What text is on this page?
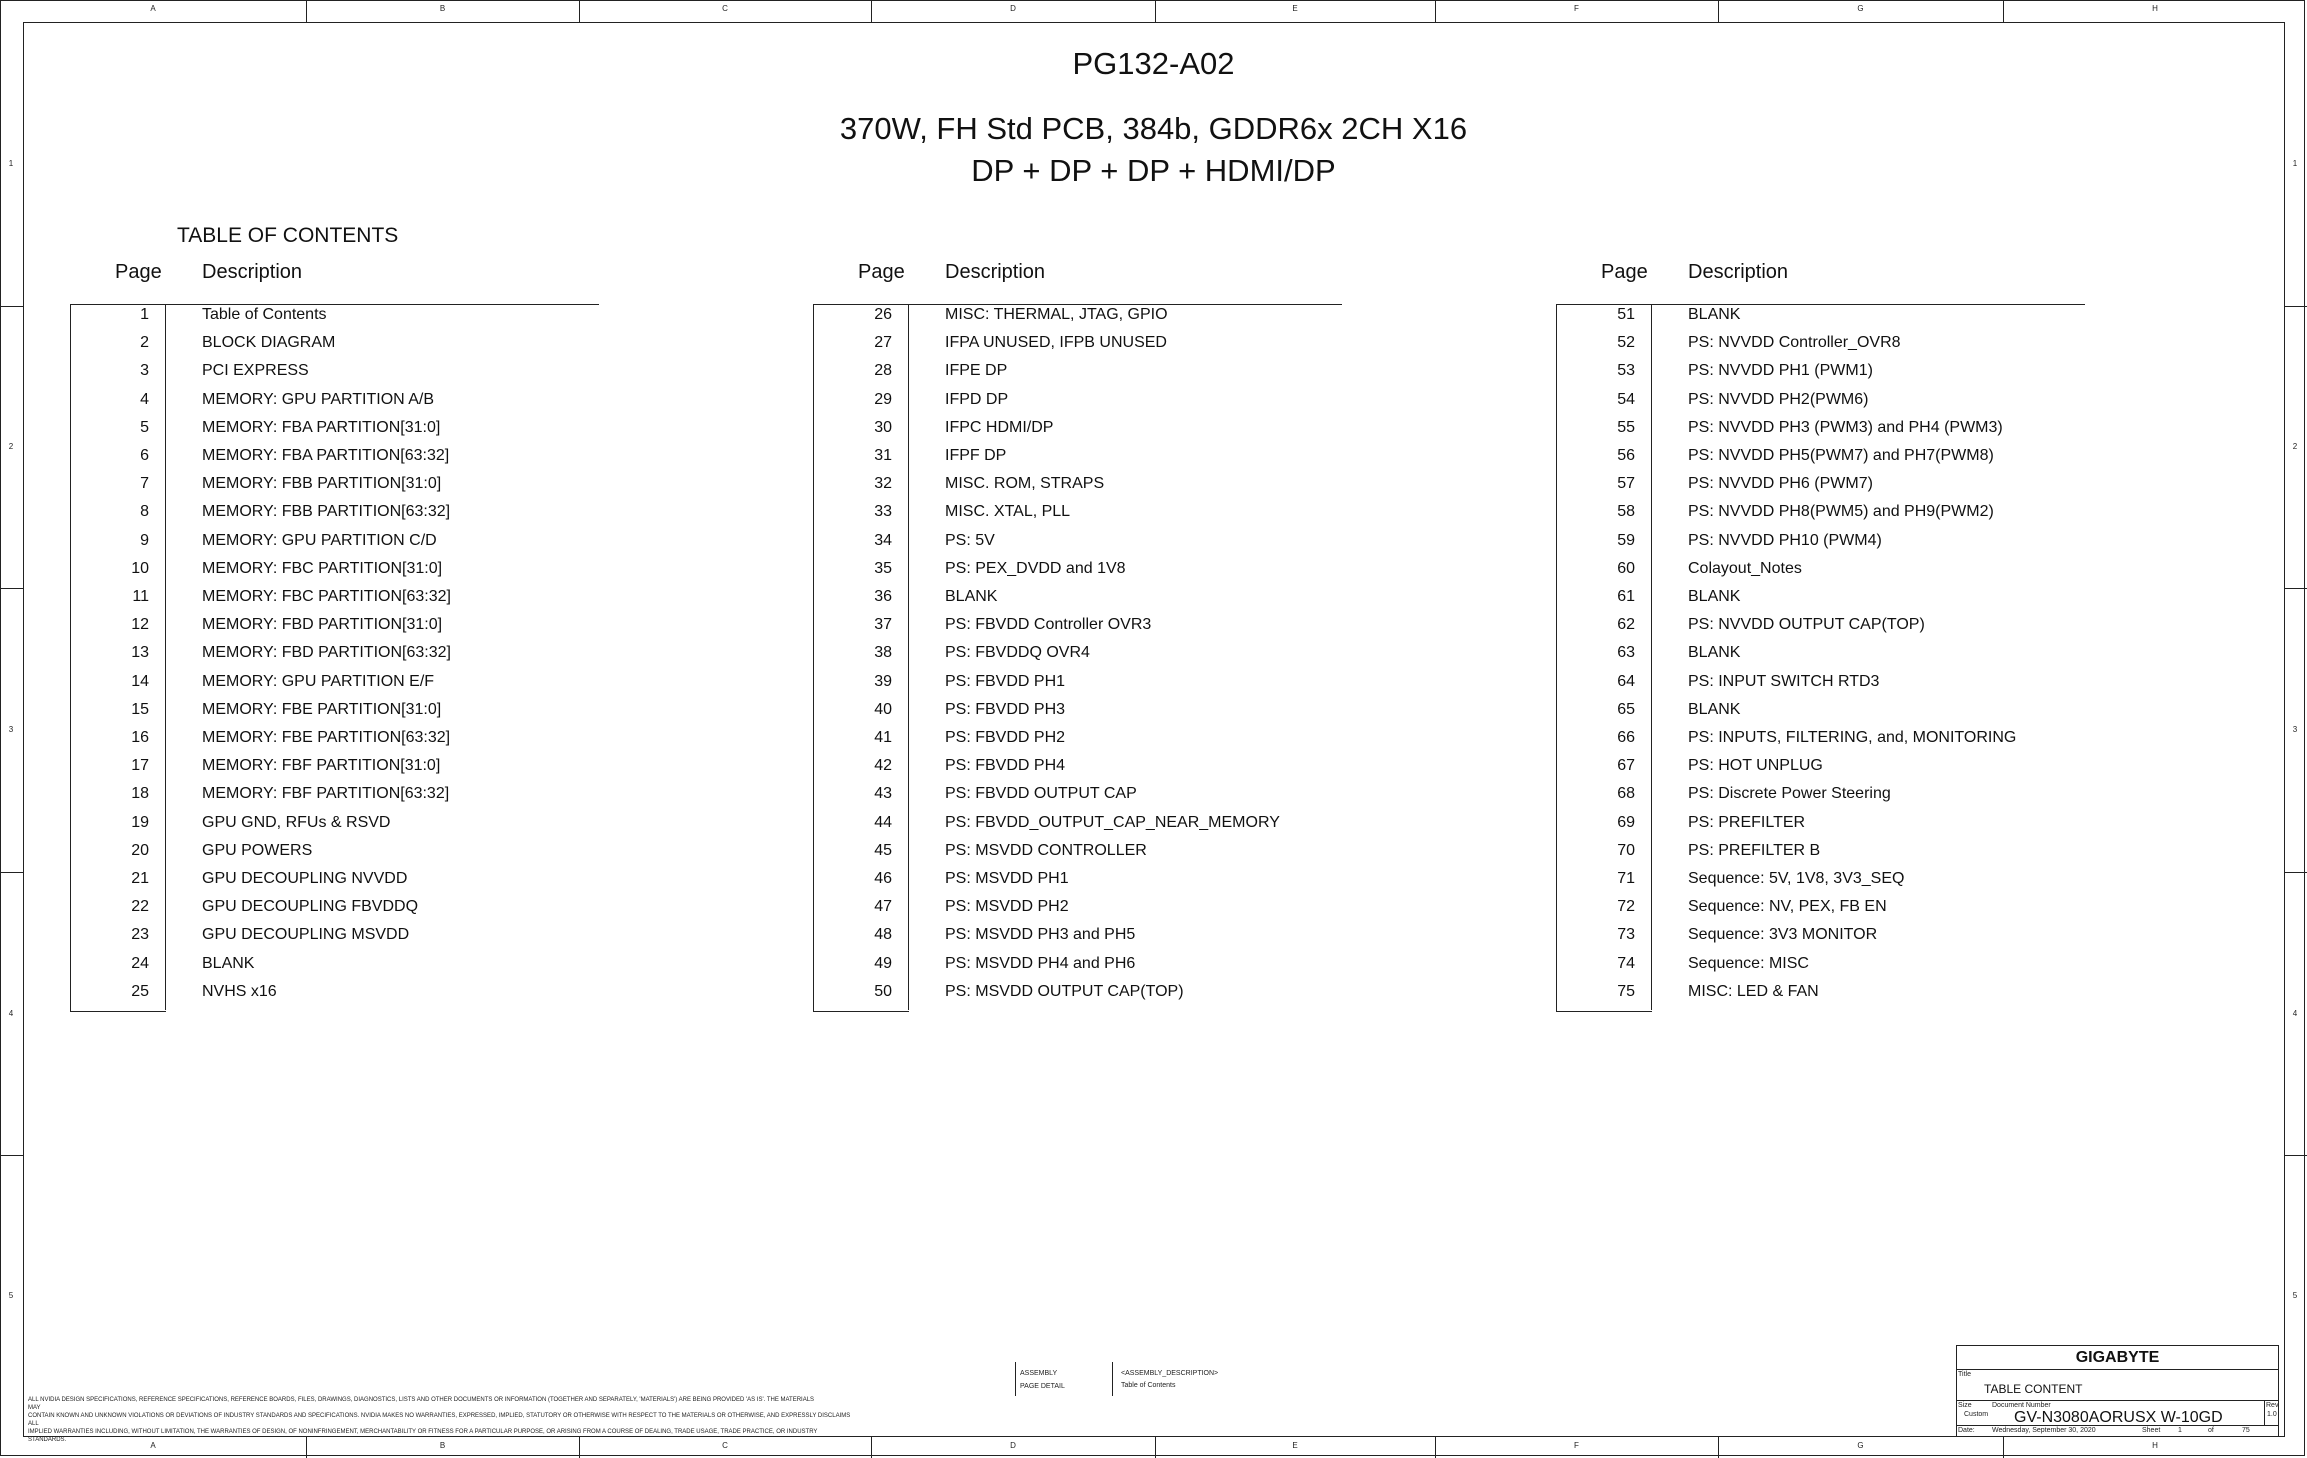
A
A
B
B
C
C
D
D
E
E
F
F
G
G
H
H
1	1
2	2
3	3
4	4
5	5
PG132-A02
370W, FH Std PCB, 384b, GDDR6x 2CH X16
DP + DP + DP + HDMI/DP
TABLE OF CONTENTS
Page Description
1	Table of Contents
2	BLOCK DIAGRAM
3	PCI EXPRESS
4	MEMORY: GPU PARTITION A/B
5	MEMORY: FBA PARTITION[31:0]
6	MEMORY: FBA PARTITION[63:32]
7	MEMORY: FBB PARTITION[31:0]
8	MEMORY: FBB PARTITION[63:32]
9	MEMORY: GPU PARTITION C/D
10	MEMORY: FBC PARTITION[31:0]
11	MEMORY: FBC PARTITION[63:32]
12	MEMORY: FBD PARTITION[31:0]
13	MEMORY: FBD PARTITION[63:32]
14	MEMORY: GPU PARTITION E/F
15	MEMORY: FBE PARTITION[31:0]
16	MEMORY: FBE PARTITION[63:32]
17	MEMORY: FBF PARTITION[31:0]
18	MEMORY: FBF PARTITION[63:32]
19	GPU GND, RFUs & RSVD
20	GPU POWERS
21	GPU DECOUPLING NVVDD
22	GPU DECOUPLING FBVDDQ
23	GPU DECOUPLING MSVDD
24	BLANK
25	NVHS x16
Page Description
26	MISC: THERMAL, JTAG, GPIO
27	IFPA UNUSED, IFPB UNUSED
28	IFPE DP
29	IFPD DP
30	IFPC HDMI/DP
31	IFPF DP
32	MISC. ROM, STRAPS
33	MISC. XTAL, PLL
34	PS: 5V
35	PS: PEX_DVDD and 1V8
36	BLANK
37	PS: FBVDD Controller OVR3
38	PS: FBVDDQ OVR4
39	PS: FBVDD PH1
40	PS: FBVDD PH3
41	PS: FBVDD PH2
42	PS: FBVDD PH4
43	PS: FBVDD OUTPUT CAP
44	PS: FBVDD_OUTPUT_CAP_NEAR_MEMORY
45	PS: MSVDD CONTROLLER
46	PS: MSVDD PH1
47	PS: MSVDD PH2
48	PS: MSVDD PH3 and PH5
49	PS: MSVDD PH4 and PH6
50	PS: MSVDD OUTPUT CAP(TOP)
Page Description
51	BLANK
52	PS: NVVDD Controller_OVR8
53	PS: NVVDD PH1 (PWM1)
54	PS: NVVDD PH2(PWM6)
55	PS: NVVDD PH3 (PWM3) and PH4 (PWM3)
56	PS: NVVDD PH5(PWM7) and PH7(PWM8)
57	PS: NVVDD PH6 (PWM7)
58	PS: NVVDD PH8(PWM5) and PH9(PWM2)
59	PS: NVVDD PH10 (PWM4)
60	Colayout_Notes
61	BLANK
62	PS: NVVDD OUTPUT CAP(TOP)
63	BLANK
64	PS: INPUT SWITCH RTD3
65	BLANK
66	PS: INPUTS, FILTERING, and, MONITORING
67	PS: HOT UNPLUG
68	PS: Discrete Power Steering
69	PS: PREFILTER
70	PS: PREFILTER B
71	Sequence: 5V, 1V8, 3V3_SEQ
72	Sequence: NV, PEX, FB EN
73	Sequence: 3V3 MONITOR
74	Sequence: MISC
75	MISC: LED & FAN
ASSEMBLY
PAGE DETAIL
<ASSEMBLY_DESCRIPTION>
Table of Contents
ALL NVIDIA DESIGN SPECIFICATIONS, REFERENCE SPECIFICATIONS, REFERENCE BOARDS, FILES, DRAWINGS, DIAGNOSTICS, LISTS AND OTHER DOCUMENTS OR INFORMATION (TOGETHER AND SEPARATELY, 'MATERIALS') ARE BEING PROVIDED 'AS IS'. THE MATERIALS
MAY
CONTAIN KNOWN AND UNKNOWN VIOLATIONS OR DEVIATIONS OF INDUSTRY STANDARDS AND SPECIFICATIONS. NVIDIA MAKES NO WARRANTIES, EXPRESSED, IMPLIED, STATUTORY OR OTHERWISE WITH RESPECT TO THE MATERIALS OR OTHERWISE, AND EXPRESSLY DISCLAIMS
ALL
IMPLIED WARRANTIES INCLUDING, WITHOUT LIMITATION, THE WARRANTIES OF DESIGN, OF NONINFRINGEMENT, MERCHANTABILITY OR FITNESS FOR A PARTICULAR PURPOSE, OR ARISING FROM A COURSE OF DEALING, TRADE USAGE, TRADE PRACTICE, OR INDUSTRY
STANDARDS.
GIGABYTE
Title
TABLE CONTENT
Size
Custom
Document Number
GV-N3080AORUSX W-10GD
Rev
1.0
Date: Wednesday, September 30, 2020	Sheet	1	of	75
